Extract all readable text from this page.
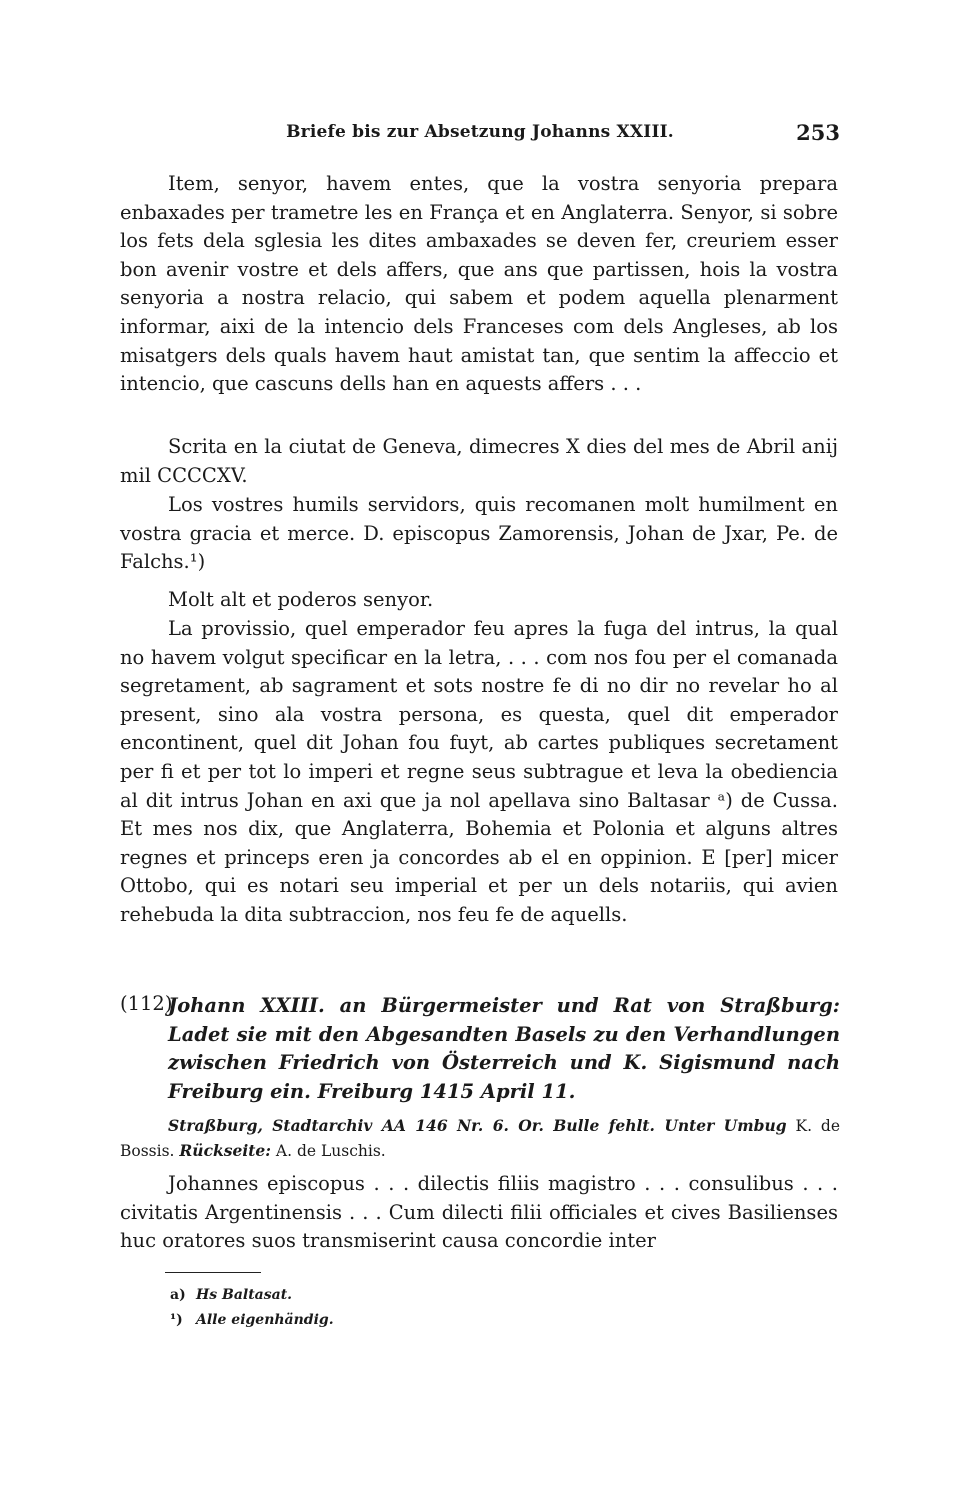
Briefe bis zur Absetzung Johanns XXIII.	253

Item, senyor, havem entes, que la vostra senyoria prepara enbaxades per trametre les en França et en Anglaterra. Senyor, si sobre los fets dela sglesia les dites ambaxades se deven fer, creuriem esser bon avenir vostre et dels affers, que ans que partissen, hois la vostra senyoria a nostra relacio, qui sabem et podem aquella plenarment informar, aixi de la intencio dels Franceses com dels Angleses, ab los misatgers dels quals havem haut amistat tan, que sentim la affeccio et intencio, que cascuns dells han en aquests affers . . .

Scrita en la ciutat de Geneva, dimecres X dies del mes de Abril anij mil CCCCXV.

Los vostres humils servidors, quis recomanen molt humilment en vostra gracia et merce. D. episcopus Zamorensis, Johan de Jxar, Pe. de Falchs.¹)

Molt alt et poderos senyor.

La provissio, quel emperador feu apres la fuga del intrus, la qual no havem volgut specificar en la letra, . . . com nos fou per el comanada segretament, ab sagrament et sots nostre fe di no dir no revelar ho al present, sino ala vostra persona, es questa, quel dit emperador encontinent, quel dit Johan fou fuyt, ab cartes publiques secretament per fi et per tot lo imperi et regne seus subtrague et leva la obediencia al dit intrus Johan en axi que ja nol apellava sino Baltasar ᵃ) de Cussa. Et mes nos dix, que Anglaterra, Bohemia et Polonia et alguns altres regnes et princeps eren ja concordes ab el en oppinion. E [per] micer Ottobo, qui es notari seu imperial et per un dels notariis, qui avien rehebuda la dita subtraccion, nos feu fe de aquells.

(112)

Johann XXIII. an Bürgermeister und Rat von Straßburg: Ladet sie mit den Abgesandten Basels zu den Verhandlungen zwischen Friedrich von Österreich und K. Sigismund nach Freiburg ein. Freiburg 1415 April 11.

Straßburg, Stadtarchiv AA 146 Nr. 6. Or. Bulle fehlt. Unter Umbug K. de Bossis. Rückseite: A. de Luschis.

Johannes episcopus . . . dilectis filiis magistro . . . consulibus . . . civitatis Argentinensis . . . Cum dilecti filii officiales et cives Basilienses huc oratores suos transmiserint causa concordie inter

a) Hs Baltasat.
¹) Alle eigenhändig.
